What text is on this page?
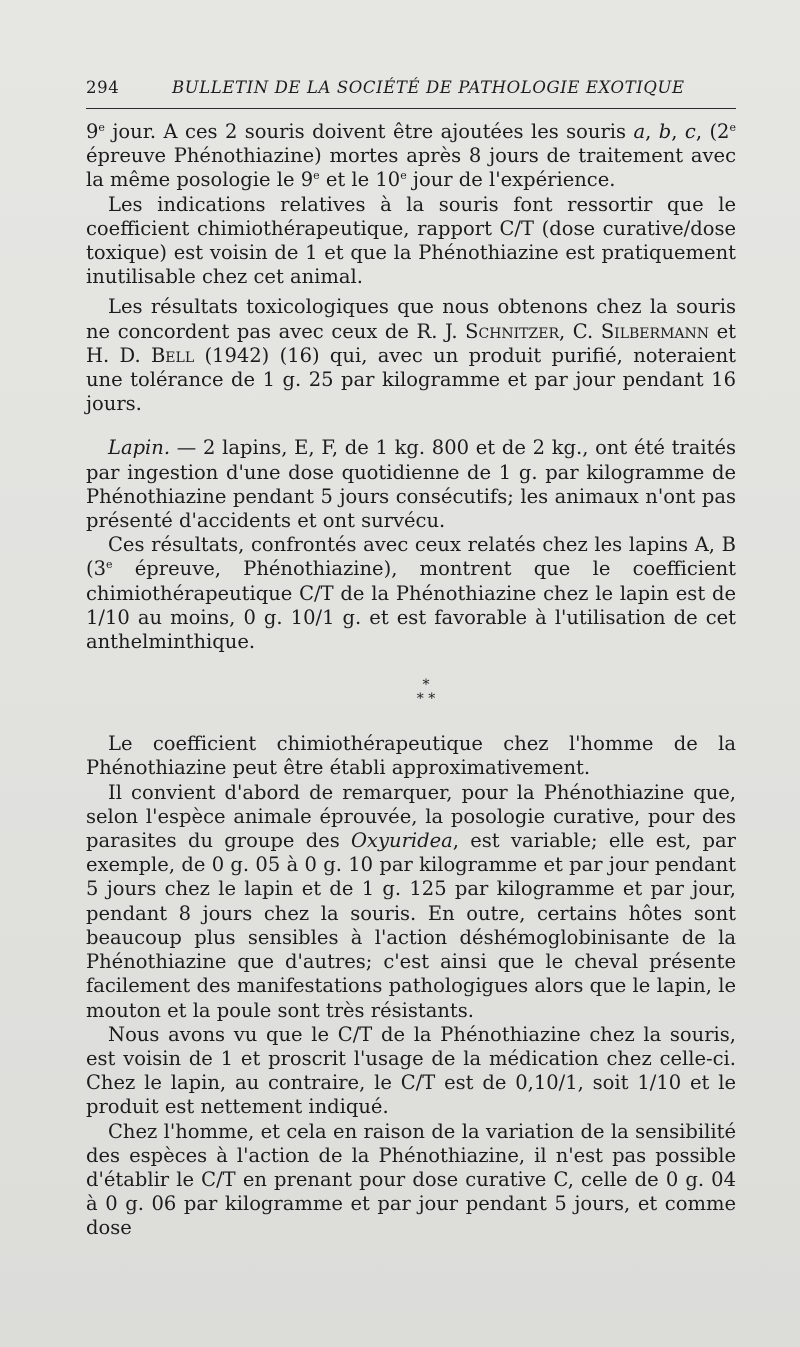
294	BULLETIN DE LA SOCIÉTÉ DE PATHOLOGIE EXOTIQUE

9e jour. A ces 2 souris doivent être ajoutées les souris a, b, c, (2e épreuve Phénothiazine) mortes après 8 jours de traitement avec la même posologie le 9e et le 10e jour de l'expérience.

Les indications relatives à la souris font ressortir que le coefficient chimiothérapeutique, rapport C/T (dose curative/dose toxique) est voisin de 1 et que la Phénothiazine est pratiquement inutilisable chez cet animal.

Les résultats toxicologiques que nous obtenons chez la souris ne concordent pas avec ceux de R. J. Schnitzer, C. Silbermann et H. D. Bell (1942) (16) qui, avec un produit purifié, noteraient une tolérance de 1 g. 25 par kilogramme et par jour pendant 16 jours.

Lapin. — 2 lapins, E, F, de 1 kg. 800 et de 2 kg., ont été traités par ingestion d'une dose quotidienne de 1 g. par kilogramme de Phénothiazine pendant 5 jours consécutifs; les animaux n'ont pas présenté d'accidents et ont survécu.

Ces résultats, confrontés avec ceux relatés chez les lapins A, B (3e épreuve, Phénothiazine), montrent que le coefficient chimiothérapeutique C/T de la Phénothiazine chez le lapin est de 1/10 au moins, 0 g. 10/1 g. et est favorable à l'utilisation de cet anthelminthique.

*
* *

Le coefficient chimiothérapeutique chez l'homme de la Phénothiazine peut être établi approximativement.

Il convient d'abord de remarquer, pour la Phénothiazine que, selon l'espèce animale éprouvée, la posologie curative, pour des parasites du groupe des Oxyuridea, est variable; elle est, par exemple, de 0 g. 05 à 0 g. 10 par kilogramme et par jour pendant 5 jours chez le lapin et de 1 g. 125 par kilogramme et par jour, pendant 8 jours chez la souris. En outre, certains hôtes sont beaucoup plus sensibles à l'action déshémoglobinisante de la Phénothiazine que d'autres; c'est ainsi que le cheval présente facilement des manifestations pathologigues alors que le lapin, le mouton et la poule sont très résistants.

Nous avons vu que le C/T de la Phénothiazine chez la souris, est voisin de 1 et proscrit l'usage de la médication chez celle-ci. Chez le lapin, au contraire, le C/T est de 0,10/1, soit 1/10 et le produit est nettement indiqué.

Chez l'homme, et cela en raison de la variation de la sensibilité des espèces à l'action de la Phénothiazine, il n'est pas possible d'établir le C/T en prenant pour dose curative C, celle de 0 g. 04 à 0 g. 06 par kilogramme et par jour pendant 5 jours, et comme dose
